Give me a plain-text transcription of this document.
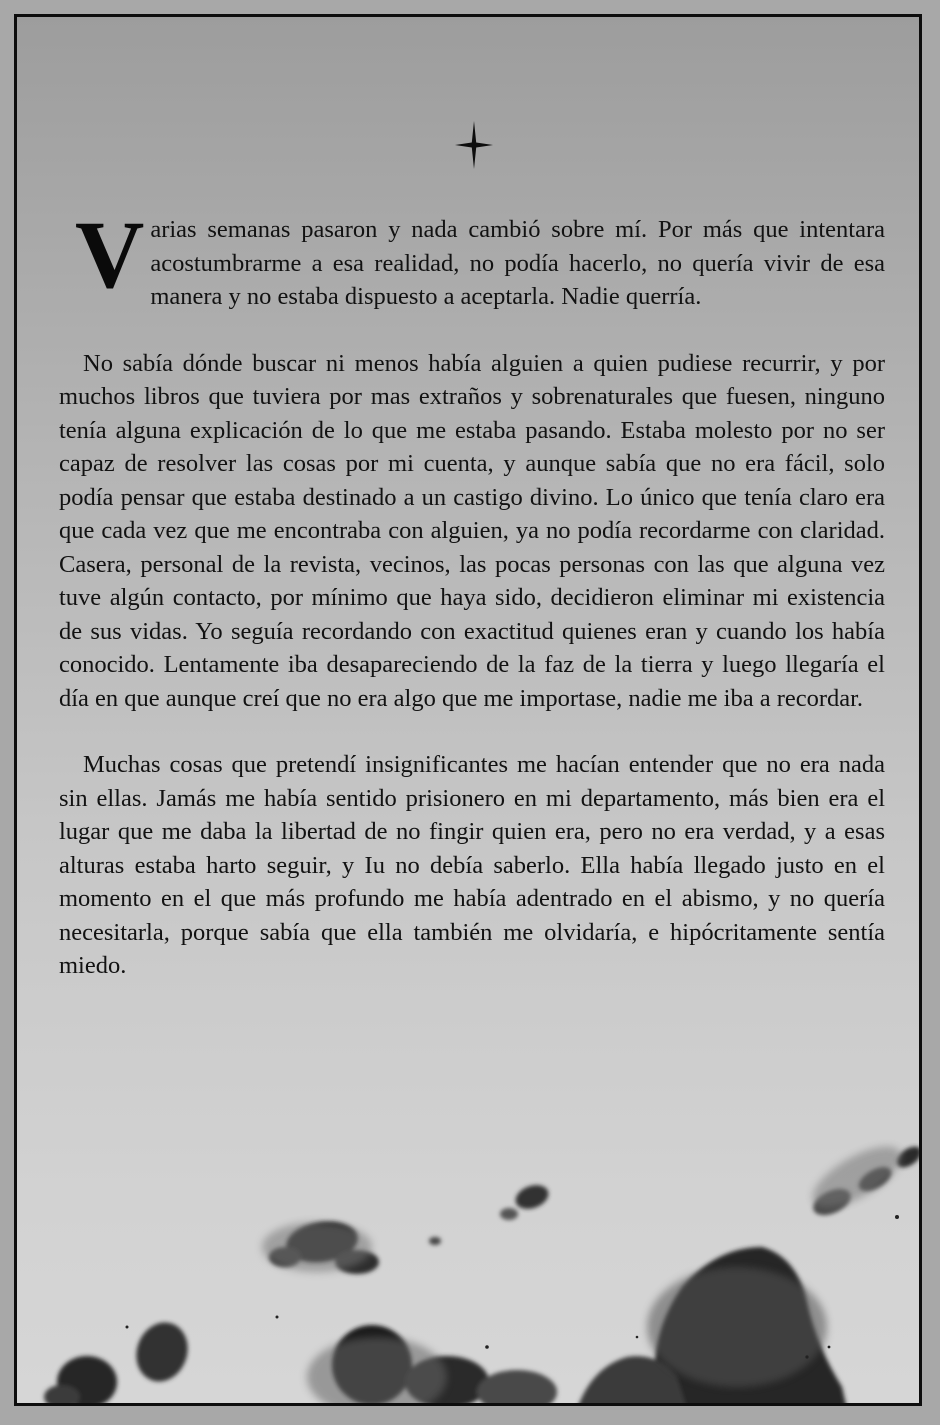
Varias semanas pasaron y nada cambió sobre mí. Por más que intentara acostumbrarme a esa realidad, no podía hacerlo, no quería vivir de esa manera y no estaba dispuesto a aceptarla. Nadie querría.

No sabía dónde buscar ni menos había alguien a quien pudiese recurrir, y por muchos libros que tuviera por mas extraños y sobrenaturales que fuesen, ninguno tenía alguna explicación de lo que me estaba pasando. Estaba molesto por no ser capaz de resolver las cosas por mi cuenta, y aunque sabía que no era fácil, solo podía pensar que estaba destinado a un castigo divino. Lo único que tenía claro era que cada vez que me encontraba con alguien, ya no podía recordarme con claridad. Casera, personal de la revista, vecinos, las pocas personas con las que alguna vez tuve algún contacto, por mínimo que haya sido, decidieron eliminar mi existencia de sus vidas. Yo seguía recordando con exactitud quienes eran y cuando los había conocido. Lentamente iba desapareciendo de la faz de la tierra y luego llegaría el día en que aunque creí que no era algo que me importase, nadie me iba a recordar.

Muchas cosas que pretendí insignificantes me hacían entender que no era nada sin ellas. Jamás me había sentido prisionero en mi departamento, más bien era el lugar que me daba la libertad de no fingir quien era, pero no era verdad, y a esas alturas estaba harto seguir, y Iu no debía saberlo. Ella había llegado justo en el momento en el que más profundo me había adentrado en el abismo, y no quería necesitarla, porque sabía que ella también me olvidaría, e hipócritamente sentía miedo.
